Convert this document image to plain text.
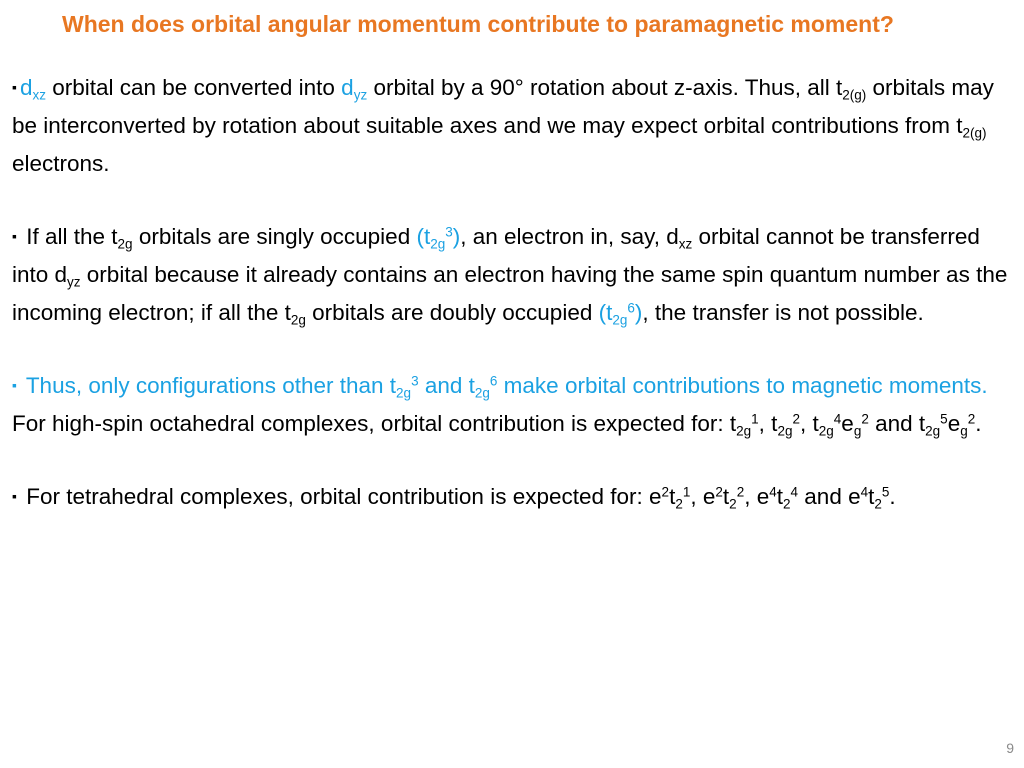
When does orbital angular momentum contribute to paramagnetic moment?

▪ $d_{xz}$ orbital can be converted into $d_{yz}$ orbital by a 90° rotation about z-axis. Thus, all $t_{2(g)}$ orbitals may be interconverted by rotation about suitable axes and we may expect orbital contributions from $t_{2(g)}$ electrons.

▪ If all the $t_{2g}$ orbitals are singly occupied $(t_{2g}^3)$, an electron in, say, $d_{xz}$ orbital cannot be transferred into $d_{yz}$ orbital because it already contains an electron having the same spin quantum number as the incoming electron; if all the $t_{2g}$ orbitals are doubly occupied $(t_{2g}^6)$, the transfer is not possible.

▪ Thus, only configurations other than $t_{2g}^3$ and $t_{2g}^6$ make orbital contributions to magnetic moments. For high-spin octahedral complexes, orbital contribution is expected for: $t_{2g}^1$, $t_{2g}^2$, $t_{2g}^4e_g^2$ and $t_{2g}^5e_g^2$.

▪ For tetrahedral complexes, orbital contribution is expected for: $e^2t_2^1$, $e^2t_2^2$, $e^4t_2^4$ and $e^4t_2^5$.

9
